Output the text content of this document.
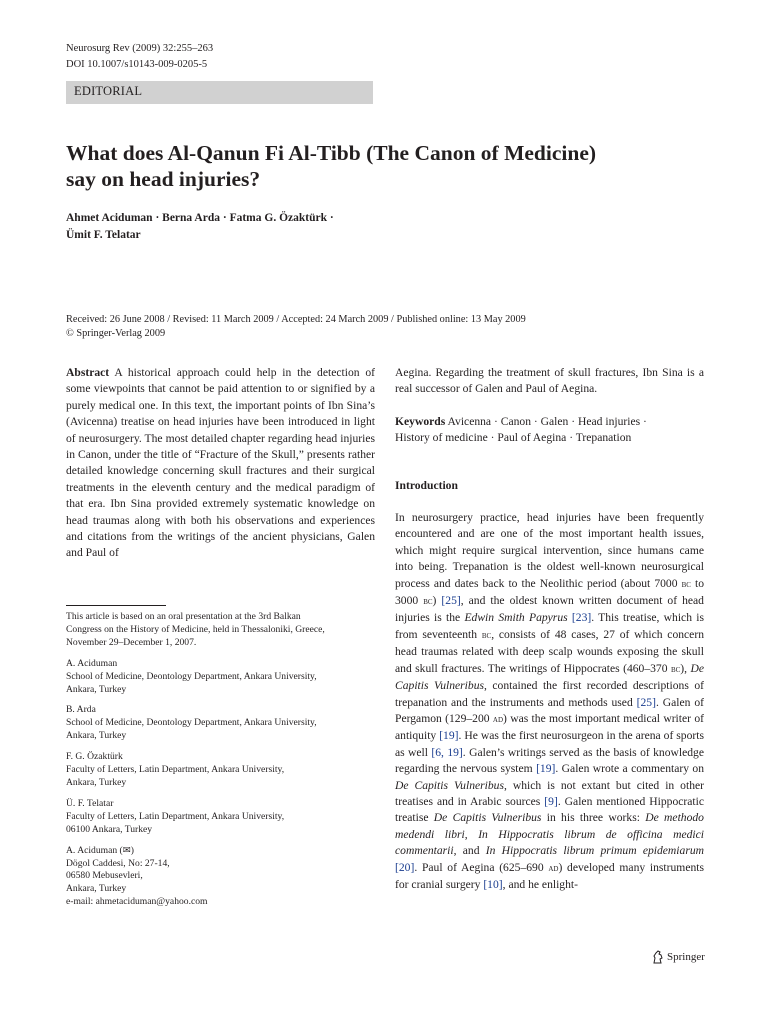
Neurosurg Rev (2009) 32:255–263
DOI 10.1007/s10143-009-0205-5
EDITORIAL
What does Al-Qanun Fi Al-Tibb (The Canon of Medicine)
say on head injuries?
Ahmet Aciduman · Berna Arda · Fatma G. Özaktürk ·
Ümit F. Telatar
Received: 26 June 2008 / Revised: 11 March 2009 / Accepted: 24 March 2009 / Published online: 13 May 2009
© Springer-Verlag 2009

Abstract A historical approach could help in the detection of some viewpoints that cannot be paid attention to or signified by a purely medical one. In this text, the important points of Ibn Sina’s (Avicenna) treatise on head injuries have been introduced in light of neurosurgery. The most detailed chapter regarding head injuries in Canon, under the title of “Fracture of the Skull,” presents rather detailed knowledge concerning skull fractures and their surgical treatments in the eleventh century and the medical paradigm of that era. Ibn Sina provided extremely systematic knowledge on head traumas along with both his observations and experiences and citations from the writings of the ancient physicians, Galen and Paul of

This article is based on an oral presentation at the 3rd Balkan
Congress on the History of Medicine, held in Thessaloniki, Greece,
November 29–December 1, 2007.
A. Aciduman
School of Medicine, Deontology Department, Ankara University,
Ankara, Turkey
B. Arda
School of Medicine, Deontology Department, Ankara University,
Ankara, Turkey
F. G. Özaktürk
Faculty of Letters, Latin Department, Ankara University,
Ankara, Turkey
Ü. F. Telatar
Faculty of Letters, Latin Department, Ankara University,
06100 Ankara, Turkey
A. Aciduman (✉)
Dögol Caddesi, No: 27-14,
06580 Mebusevleri,
Ankara, Turkey
e-mail: ahmetaciduman@yahoo.com

Aegina. Regarding the treatment of skull fractures, Ibn Sina is a real successor of Galen and Paul of Aegina.

Keywords Avicenna · Canon · Galen · Head injuries ·
History of medicine · Paul of Aegina · Trepanation

Introduction

In neurosurgery practice, head injuries have been frequently encountered and are one of the most important health issues, which might require surgical intervention, since humans came into being. Trepanation is the oldest well-known neurosurgical process and dates back to the Neolithic period (about 7000 bc to 3000 bc) [25], and the oldest known written document of head injuries is the Edwin Smith Papyrus [23]. This treatise, which is from seventeenth bc, consists of 48 cases, 27 of which concern head traumas related with deep scalp wounds exposing the skull and skull fractures. The writings of Hippocrates (460–370 bc), De Capitis Vulneribus, contained the first recorded descriptions of trepanation and the instruments and methods used [25]. Galen of Pergamon (129–200 ad) was the most important medical writer of antiquity [19]. He was the first neurosurgeon in the arena of sports as well [6, 19]. Galen’s writings served as the basis of knowledge regarding the nervous system [19]. Galen wrote a commentary on De Capitis Vulneribus, which is not extant but cited in other treatises and in Arabic sources [9]. Galen mentioned Hippocratic treatise De Capitis Vulneribus in his three works: De methodo medendi libri, In Hippocratis librum de officina medici commentarii, and In Hippocratis librum primum epidemiarum [20]. Paul of Aegina (625–690 ad) developed many instruments for cranial surgery [10], and he enlight-

Springer
